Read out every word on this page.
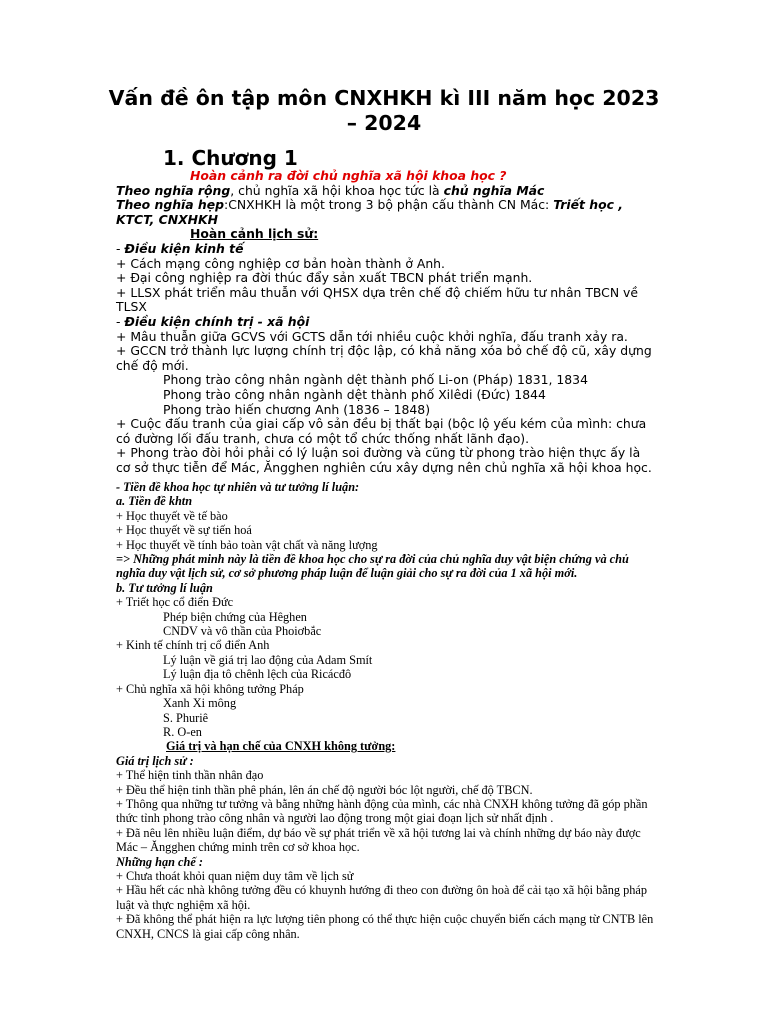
Vấn đề ôn tập môn CNXHKH kì III năm học 2023 – 2024
1. Chương 1

Hoàn cảnh ra đời chủ nghĩa xã hội khoa học ?

Theo nghĩa rộng, chủ nghĩa xã hội khoa học tức là chủ nghĩa Mác

Theo nghĩa hẹp:CNXHKH là một trong 3 bộ phận cấu thành CN Mác: Triết học , KTCT, CNXHKH

Hoàn cảnh lịch sử:

- Điều kiện kinh tế

+ Cách mạng công nghiệp cơ bản hoàn thành ở Anh.

+ Đại công nghiệp ra đời thúc đẩy sản xuất TBCN phát triển mạnh.

+ LLSX phát triển mâu thuẫn với QHSX dựa trên chế độ chiếm hữu tư nhân TBCN về TLSX

- Điều kiện chính trị - xã hội

+ Mâu thuẫn giữa GCVS với GCTS dẫn tới nhiều cuộc khởi nghĩa, đấu tranh xảy ra.

+ GCCN trở thành lực lượng chính trị độc lập, có khả năng xóa bỏ chế độ cũ, xây dựng chế độ mới.

Phong trào công nhân ngành dệt thành phố Li-on (Pháp) 1831, 1834

Phong trào công nhân ngành dệt thành phố Xilêdi (Đức) 1844

Phong trào hiến chương Anh (1836 – 1848)

+ Cuộc đấu tranh của giai cấp vô sản đều bị thất bại (bộc lộ yếu kém của mình: chưa có đường lối đấu tranh, chưa có một tổ chức thống nhất lãnh đạo).

+ Phong trào đòi hỏi phải có lý luận soi đường và cũng từ phong trào hiện thực ấy là cơ sở thực tiễn để Mác, Ăngghen nghiên cứu xây dựng nên chủ nghĩa xã hội khoa học.

- Tiền đề khoa học tự nhiên và tư tưởng lí luận:

a. Tiền đề khtn

+ Học thuyết về tế bào

+ Học thuyết về sự tiến hoá

+ Học thuyết về tính bảo toàn vật chất và năng lượng

=> Những phát minh này là tiền đề khoa học cho sự ra đời của chủ nghĩa duy vật biện chứng và chủ nghĩa duy vật lịch sử, cơ sở phương pháp luận để luận giải cho sự ra đời của 1 xã hội mới.

b. Tư tưởng lí luận

+ Triết học cổ điển Đức

Phép biện chứng của Hêghen

CNDV và vô thần của Phoiơbắc

+ Kinh tế chính trị cổ điển Anh

Lý luận về giá trị lao động của Adam Smít

Lý luận địa tô chênh lệch của Ricácđô

+ Chủ nghĩa xã hội không tưởng Pháp

Xanh Xi mông

S. Phuriê

R. O-en

Giá trị và hạn chế của CNXH không tưởng:

Giá trị lịch sử :

+ Thể hiện tinh thần nhân đạo

+ Đều thể hiện tinh thần phê phán, lên án chế độ người bóc lột người, chế độ TBCN.

+ Thông qua những tư tưởng và bằng những hành động của mình, các nhà CNXH không tưởng đã góp phần thức tỉnh phong trào công nhân và người lao động trong một giai đoạn lịch sử nhất định .

+ Đã nêu lên nhiều luận điểm, dự báo về sự phát triển về xã hội tương lai và chính những dự báo này được Mác – Ăngghen chứng minh trên cơ sở khoa học.

Những hạn chế :

+ Chưa thoát khỏi quan niệm duy tâm về lịch sử

+ Hầu hết các nhà không tưởng đều có khuynh hướng đi theo con đường ôn hoà để cải tạo xã hội bằng pháp luật và thực nghiệm xã hội.

+ Đã không thể phát hiện ra lực lượng tiên phong có thể thực hiện cuộc chuyển biến cách mạng từ CNTB lên CNXH, CNCS là giai cấp công nhân.
